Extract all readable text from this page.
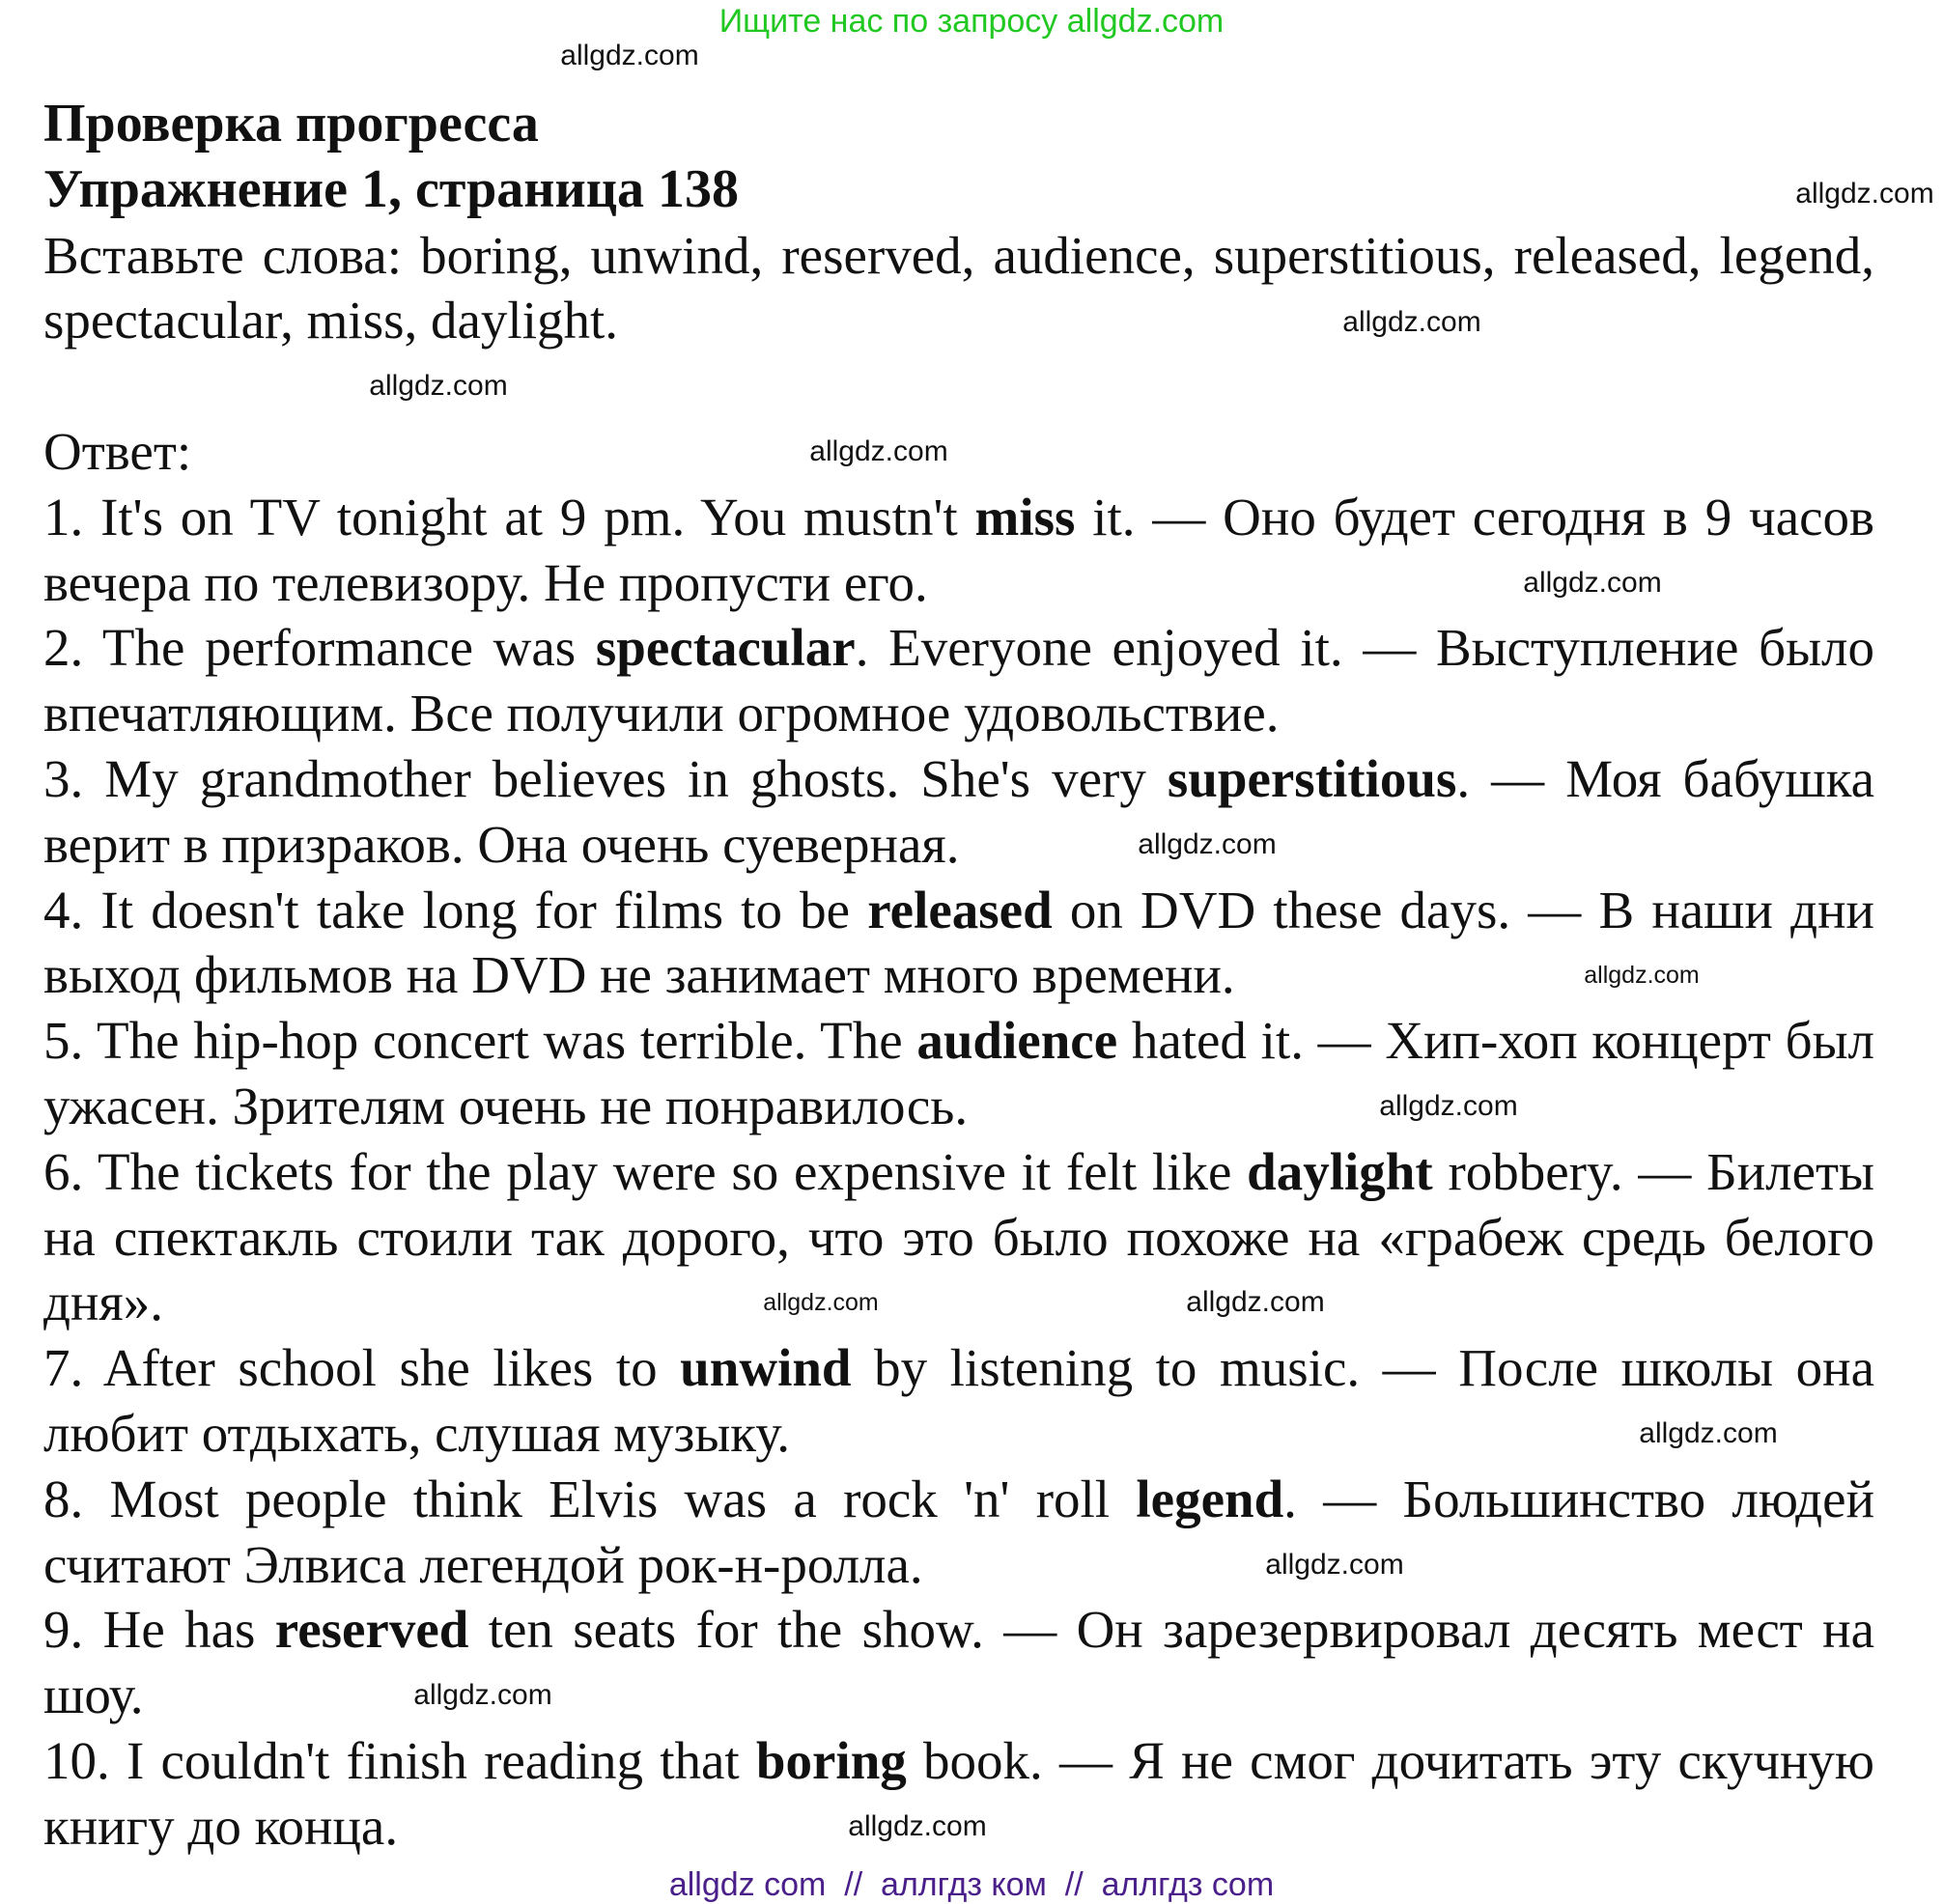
Ищите нас по запросу allgdz.com
Проверка прогресса
Упражнение 1, страница 138

Вставьте слова: boring, unwind, reserved, audience, superstitious, released, legend, spectacular, miss, daylight.

Ответ:

1. It's on TV tonight at 9 pm. You mustn't miss it. — Оно будет сегодня в 9 часов вечера по телевизору. Не пропусти его.

2. The performance was spectacular. Everyone enjoyed it. — Выступление было впечатляющим. Все получили огромное удовольствие.

3. My grandmother believes in ghosts. She's very superstitious. — Моя бабушка верит в призраков. Она очень суеверная.

4. It doesn't take long for films to be released on DVD these days. — В наши дни выход фильмов на DVD не занимает много времени.

5. The hip-hop concert was terrible. The audience hated it. — Хип-хоп концерт был ужасен. Зрителям очень не понравилось.

6. The tickets for the play were so expensive it felt like daylight robbery. — Билеты на спектакль стоили так дорого, что это было похоже на «грабеж средь белого дня».

7. After school she likes to unwind by listening to music. — После школы она любит отдыхать, слушая музыку.

8. Most people think Elvis was a rock 'n' roll legend. — Большинство людей считают Элвиса легендой рок-н-ролла.

9. He has reserved ten seats for the show. — Он зарезервировал десять мест на шоу.

10. I couldn't finish reading that boring book. — Я не смог дочитать эту скучную книгу до конца.

allgdz.com
allgdz.com
allgdz.com
allgdz.com
allgdz.com
allgdz.com
allgdz.com
allgdz.com
allgdz.com
allgdz.com	allgdz.com
allgdz.com
allgdz.com
allgdz.com
allgdz.com
allgdz com  //  аллгдз ком  //  аллгдз com
